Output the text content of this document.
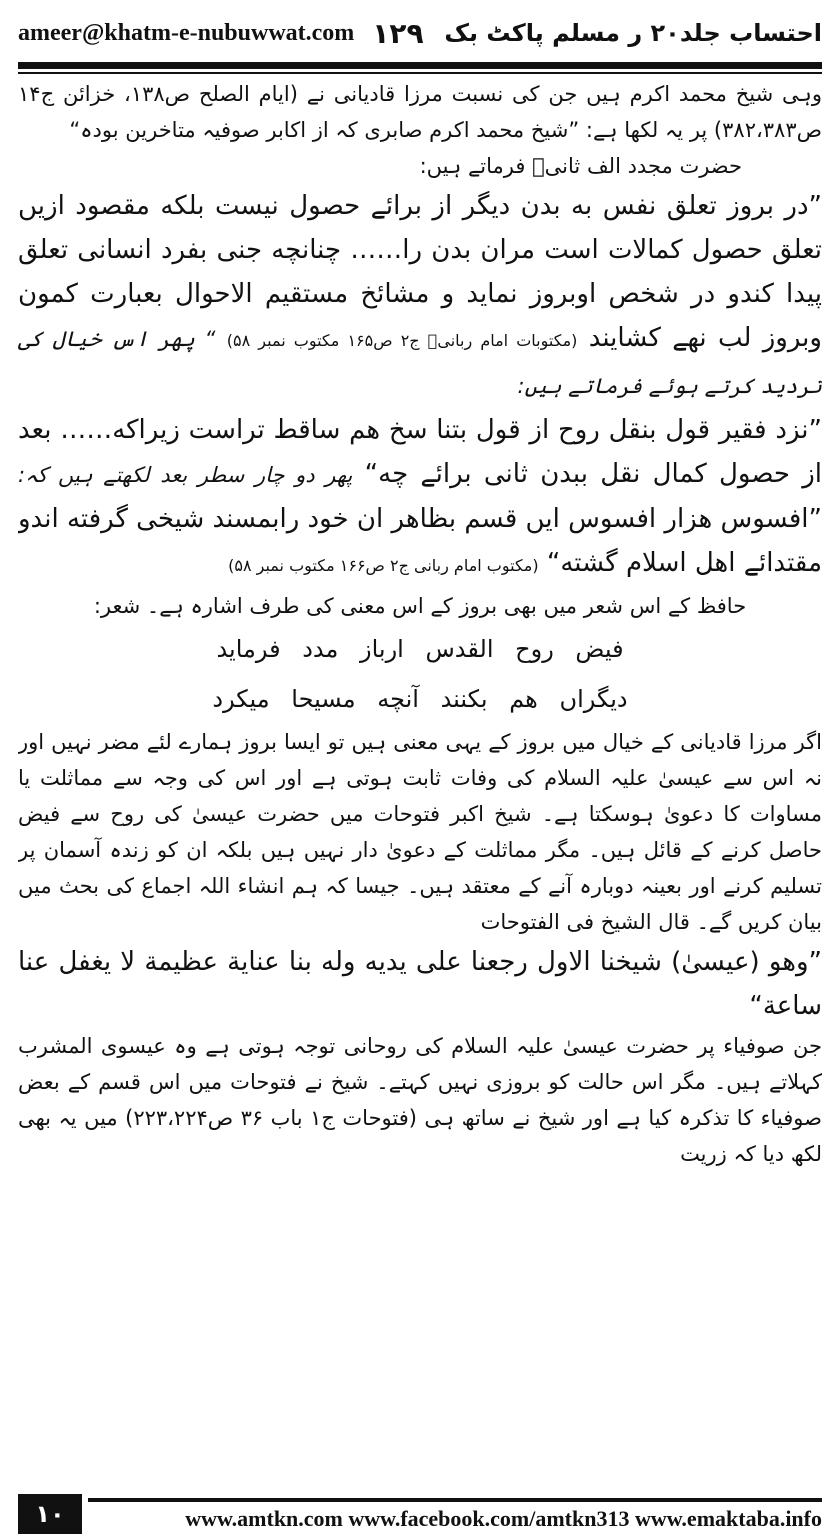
ameer@khatm-e-nubuwwat.com ۱۲۹ احتساب جلد۲۰ ر مسلم پاکٹ بک

وہی شیخ محمد اکرم ہیں جن کی نسبت مرزا قادیانی نے (ایام الصلح ص۱۳۸، خزائن ج۱۴ ص۳۸۲،۳۸۳) پر یہ لکھا ہے: ”شیخ محمد اکرم صابری کہ از اکابر صوفیہ متاخرین بودہ“

حضرت مجدد الف ثانیؒ فرماتے ہیں:

”در بروز تعلق نفس به بدن دیگر از برائے حصول نیست بلکه مقصود ازیں تعلق حصول کمالات است مران بدن را…… چنانچه جنی بفرد انسانی تعلق پیدا کندو در شخص اوبروز نماید و مشائخ مستقیم الاحوال بعبارت کمون وبروز لب نهے کشایند (مکتوبات امام ربانیؒ ج۲ ص۱۶۵ مکتوب نمبر ۵۸) “ پھر اس خیال کی تردید کرتے ہوئے فرماتے ہیں:

”نزد فقیر قول بنقل روح از قول بتنا سخ هم ساقط تراست زیراکه…… بعد از حصول کمال نقل ببدن ثانی برائے چه“ پھر دو چار سطر بعد لکھتے ہیں کہ: ”افسوس هزار افسوس ایں قسم بظاهر ان خود رابمسند شیخی گرفته اندو مقتدائے اهل اسلام گشته“ (مکتوب امام ربانی ج۲ ص۱۶۶ مکتوب نمبر ۵۸)

حافظ کے اس شعر میں بھی بروز کے اس معنی کی طرف اشارہ ہے۔ شعر:

فیض روح القدس ارباز مدد فرماید

دیگراں هم بکنند آنچه مسیحا میکرد

اگر مرزا قادیانی کے خیال میں بروز کے یہی معنی ہیں تو ایسا بروز ہمارے لئے مضر نہیں اور نہ اس سے عیسیٰ علیہ السلام کی وفات ثابت ہوتی ہے اور اس کی وجہ سے مماثلت یا مساوات کا دعویٰ ہوسکتا ہے۔ شیخ اکبر فتوحات میں حضرت عیسیٰ کی روح سے فیض حاصل کرنے کے قائل ہیں۔ مگر مماثلت کے دعویٰ دار نہیں ہیں بلکہ ان کو زندہ آسمان پر تسلیم کرنے اور بعینہ دوبارہ آنے کے معتقد ہیں۔ جیسا کہ ہم انشاء اللہ اجماع کی بحث میں بیان کریں گے۔ قال الشیخ فی الفتوحات

”وهو (عیسیٰ) شیخنا الاول رجعنا علی یدیه وله بنا عنایة عظیمة لا یغفل عنا ساعة“

جن صوفیاء پر حضرت عیسیٰ علیہ السلام کی روحانی توجہ ہوتی ہے وہ عیسوی المشرب کہلاتے ہیں۔ مگر اس حالت کو بروزی نہیں کہتے۔ شیخ نے فتوحات میں اس قسم کے بعض صوفیاء کا تذکرہ کیا ہے اور شیخ نے ساتھ ہی (فتوحات ج۱ باب ۳۶ ص۲۲۳،۲۲۴) میں یہ بھی لکھ دیا کہ زریت

۱۰	www.amtkn.com www.facebook.com/amtkn313 www.emaktaba.info
